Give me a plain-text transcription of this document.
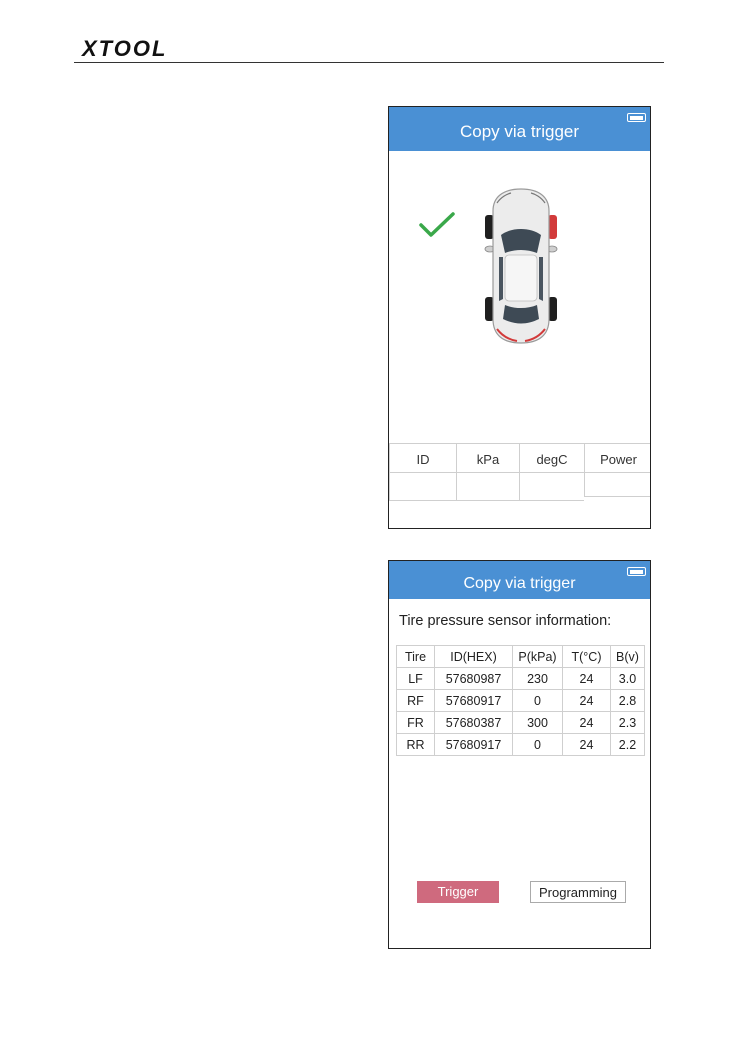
XTOOL
Copy via trigger
ID	kPa	degC	Power
Copy via trigger
Tire pressure sensor information:
Tire	ID(HEX)	P(kPa)	T(°C)	B(v)
LF	57680987	230	24	3.0
RF	57680917	0	24	2.8
FR	57680387	300	24	2.3
RR	57680917	0	24	2.2
Trigger	Programming
